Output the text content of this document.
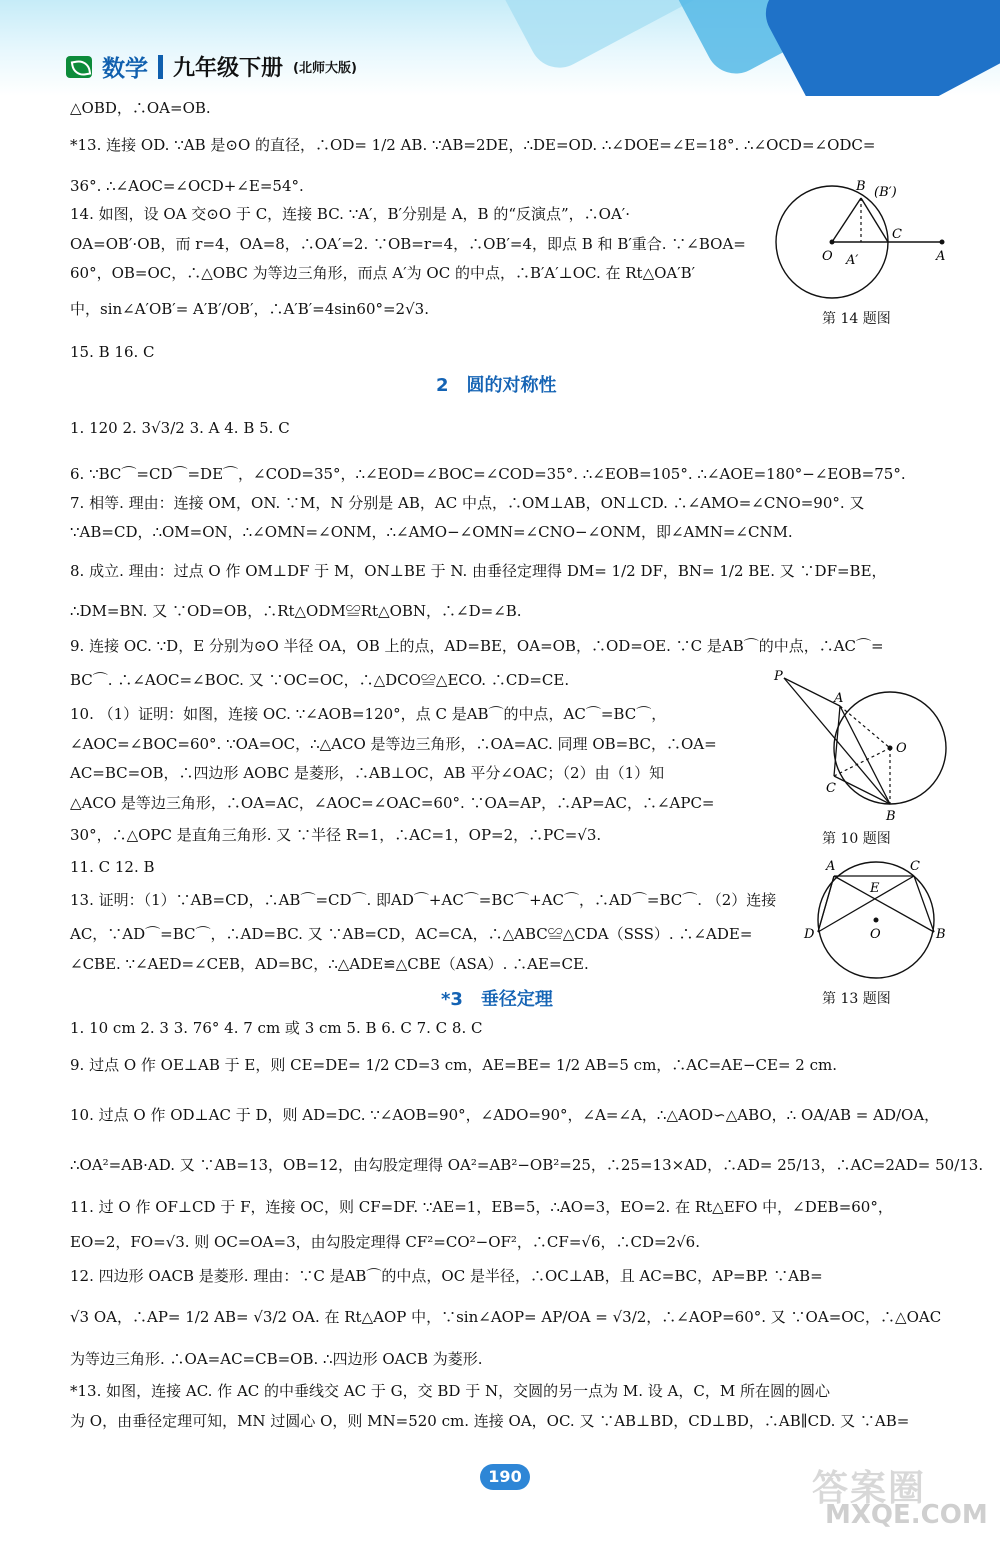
数学 九年级下册 (北师大版)
△OBD，∴OA=OB.
*13. 连接 OD. ∵AB 是⊙O 的直径，∴OD= 1/2 AB. ∵AB=2DE，∴DE=OD. ∴∠DOE=∠E=18°. ∴∠OCD=∠ODC=
36°. ∴∠AOC=∠OCD+∠E=54°.
14. 如图，设 OA 交⊙O 于 C，连接 BC. ∵A′，B′分别是 A，B 的“反演点”，∴OA′·
OA=OB′·OB，而 r=4，OA=8，∴OA′=2. ∵OB=r=4，∴OB′=4，即点 B 和 B′重合. ∵∠BOA=
60°，OB=OC，∴△OBC 为等边三角形，而点 A′为 OC 的中点，∴B′A′⊥OC. 在 Rt△OA′B′
中，sin∠A′OB′= A′B′/OB′，∴A′B′=4sin60°=2√3.
15. B 16. C
2　圆的对称性
1. 120 2. 3√3/2 3. A 4. B 5. C
6. ∵BC⌒=CD⌒=DE⌒，∠COD=35°，∴∠EOD=∠BOC=∠COD=35°. ∴∠EOB=105°. ∴∠AOE=180°−∠EOB=75°.
7. 相等. 理由：连接 OM，ON. ∵M，N 分别是 AB，AC 中点，∴OM⊥AB，ON⊥CD. ∴∠AMO=∠CNO=90°. 又
∵AB=CD，∴OM=ON，∴∠OMN=∠ONM，∴∠AMO−∠OMN=∠CNO−∠ONM，即∠AMN=∠CNM.
8. 成立. 理由：过点 O 作 OM⊥DF 于 M，ON⊥BE 于 N. 由垂径定理得 DM= 1/2 DF，BN= 1/2 BE. 又 ∵DF=BE，
∴DM=BN. 又 ∵OD=OB，∴Rt△ODM≌Rt△OBN，∴∠D=∠B.
9. 连接 OC. ∵D，E 分别为⊙O 半径 OA，OB 上的点，AD=BE，OA=OB，∴OD=OE. ∵C 是AB⌒的中点，∴AC⌒=
BC⌒. ∴∠AOC=∠BOC. 又 ∵OC=OC，∴△DCO≌△ECO. ∴CD=CE.
10. （1）证明：如图，连接 OC. ∵∠AOB=120°，点 C 是AB⌒的中点，AC⌒=BC⌒，
∠AOC=∠BOC=60°. ∵OA=OC，∴△ACO 是等边三角形，∴OA=AC. 同理 OB=BC，∴OA=
AC=BC=OB，∴四边形 AOBC 是菱形，∴AB⊥OC，AB 平分∠OAC；（2）由（1）知
△ACO 是等边三角形，∴OA=AC，∠AOC=∠OAC=60°. ∵OA=AP，∴AP=AC，∴∠APC=
30°，∴△OPC 是直角三角形. 又 ∵半径 R=1，∴AC=1，OP=2，∴PC=√3.
11. C 12. B
13. 证明：（1）∵AB=CD，∴AB⌒=CD⌒. 即AD⌒+AC⌒=BC⌒+AC⌒，∴AD⌒=BC⌒. （2）连接
AC，∵AD⌒=BC⌒，∴AD=BC. 又 ∵AB=CD，AC=CA，∴△ABC≌△CDA（SSS）. ∴∠ADE=
∠CBE. ∵∠AED=∠CEB，AD=BC，∴△ADE≌△CBE（ASA）. ∴AE=CE.
*3　垂径定理
1. 10 cm 2. 3 3. 76° 4. 7 cm 或 3 cm 5. B 6. C 7. C 8. C
9. 过点 O 作 OE⊥AB 于 E，则 CE=DE= 1/2 CD=3 cm，AE=BE= 1/2 AB=5 cm，∴AC=AE−CE= 2 cm.
10. 过点 O 作 OD⊥AC 于 D，则 AD=DC. ∵∠AOB=90°，∠ADO=90°，∠A=∠A，∴△AOD∽△ABO，∴ OA/AB = AD/OA，
∴OA²=AB·AD. 又 ∵AB=13，OB=12，由勾股定理得 OA²=AB²−OB²=25，∴25=13×AD，∴AD= 25/13，∴AC=2AD= 50/13.
11. 过 O 作 OF⊥CD 于 F，连接 OC，则 CF=DF. ∵AE=1，EB=5，∴AO=3，EO=2. 在 Rt△EFO 中，∠DEB=60°，
EO=2，FO=√3. 则 OC=OA=3，由勾股定理得 CF²=CO²−OF²，∴CF=√6，∴CD=2√6.
12. 四边形 OACB 是菱形. 理由：∵C 是AB⌒的中点，OC 是半径，∴OC⊥AB，且 AC=BC，AP=BP. ∵AB=
√3 OA，∴AP= 1/2 AB= √3/2 OA. 在 Rt△AOP 中，∵sin∠AOP= AP/OA = √3/2，∴∠AOP=60°. 又 ∵OA=OC，∴△OAC
为等边三角形. ∴OA=AC=CB=OB. ∴四边形 OACB 为菱形.
*13. 如图，连接 AC. 作 AC 的中垂线交 AC 于 G，交 BD 于 N，交圆的另一点为 M. 设 A，C，M 所在圆的圆心
为 O，由垂径定理可知，MN 过圆心 O，则 MN=520 cm. 连接 OA，OC. 又 ∵AB⊥BD，CD⊥BD，∴AB∥CD. 又 ∵AB=
B (B′)
C
O A′	A
第 14 题图
P
A
O
C
B
第 10 题图
A	C
E
D	O	B
第 13 题图
190	答案圈
MXQE.COM
